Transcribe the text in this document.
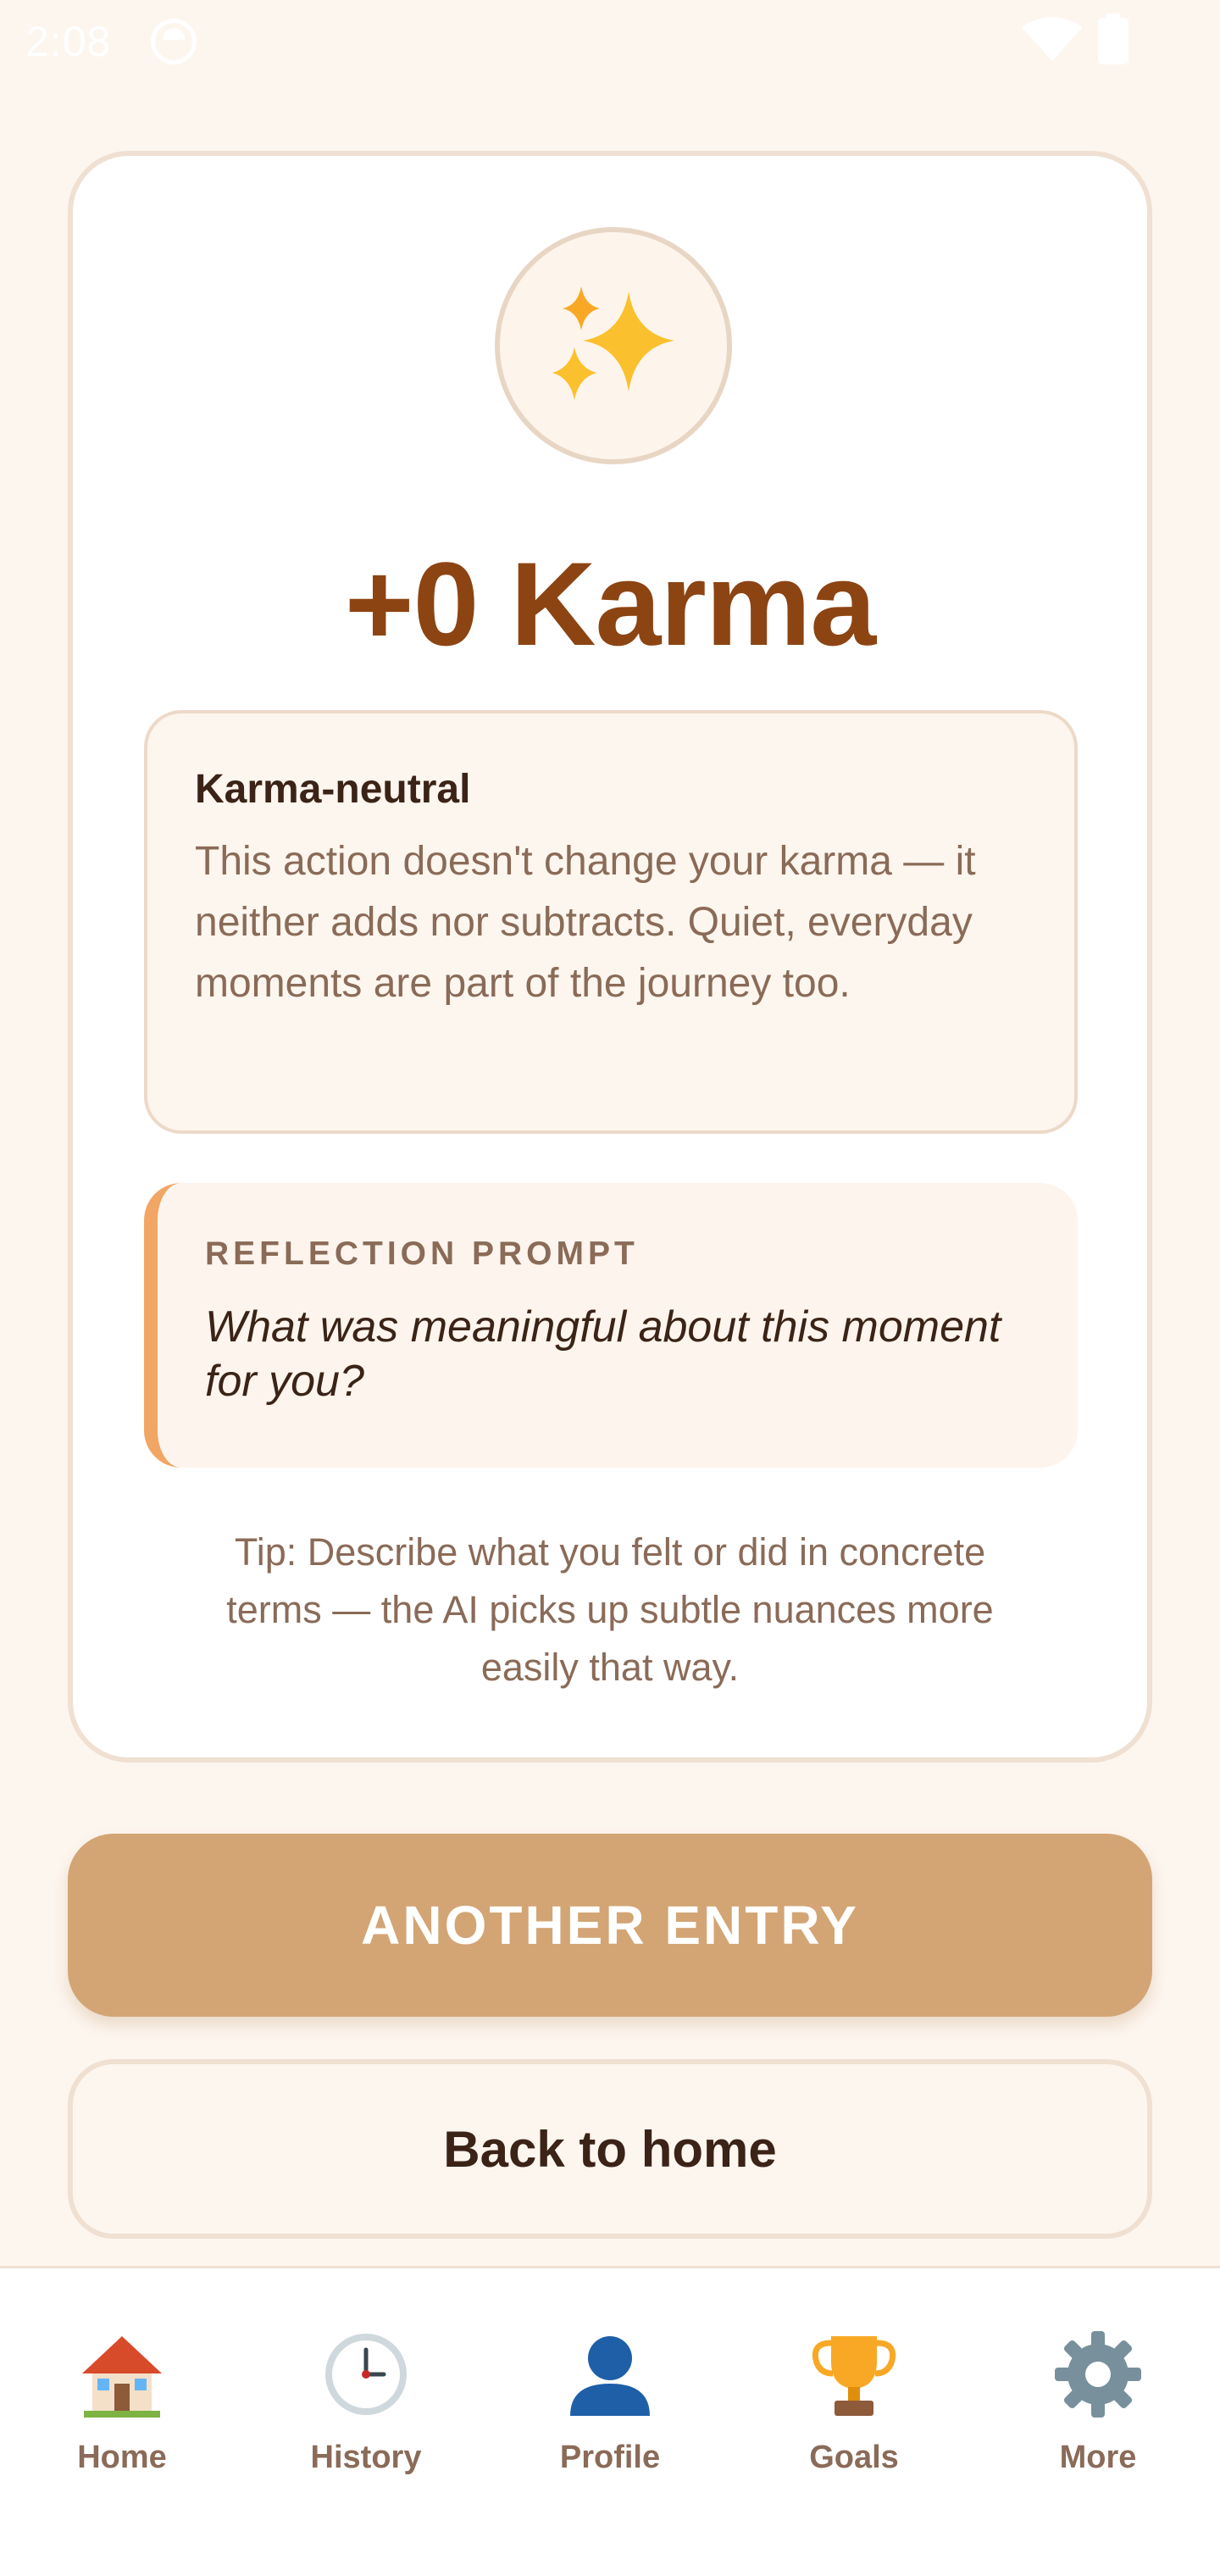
2:08
+0 Karma
Karma-neutral
This action doesn't change your karma — it neither adds nor subtracts. Quiet, everyday moments are part of the journey too.
REFLECTION PROMPT
What was meaningful about this moment for you?
Tip: Describe what you felt or did in concrete terms — the AI picks up subtle nuances more easily that way.
ANOTHER ENTRY
Back to home
Home	History	Profile	Goals	More
